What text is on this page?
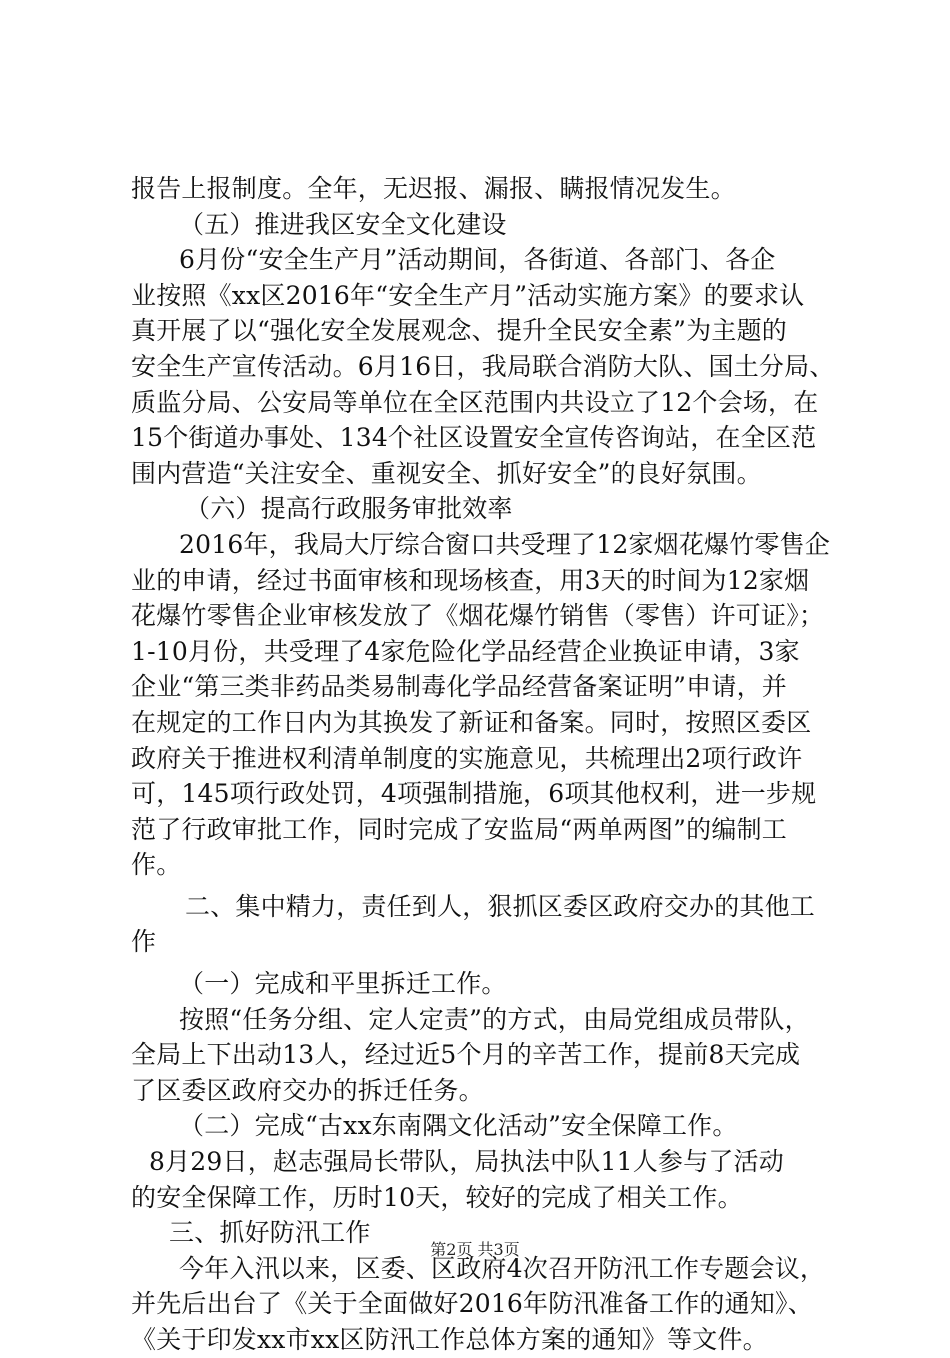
报告上报制度。全年，无迟报、漏报、瞒报情况发生。
（五）推进我区安全文化建设
6月份“安全生产月”活动期间，各街道、各部门、各企
业按照《xx区2016年“安全生产月”活动实施方案》的要求认
真开展了以“强化安全发展观念、提升全民安全素”为主题的
安全生产宣传活动。6月16日，我局联合消防大队、国土分局、
质监分局、公安局等单位在全区范围内共设立了12个会场，在
15个街道办事处、134个社区设置安全宣传咨询站，在全区范
围内营造“关注安全、重视安全、抓好安全”的良好氛围。
（六）提高行政服务审批效率
2016年，我局大厅综合窗口共受理了12家烟花爆竹零售企
业的申请，经过书面审核和现场核查，用3天的时间为12家烟
花爆竹零售企业审核发放了《烟花爆竹销售（零售）许可证》；
1-10月份，共受理了4家危险化学品经营企业换证申请，3家
企业“第三类非药品类易制毒化学品经营备案证明”申请，并
在规定的工作日内为其换发了新证和备案。同时，按照区委区
政府关于推进权利清单制度的实施意见，共梳理出2项行政许
可，145项行政处罚，4项强制措施，6项其他权利，进一步规
范了行政审批工作，同时完成了安监局“两单两图”的编制工
作。
二、集中精力，责任到人，狠抓区委区政府交办的其他工
作
（一）完成和平里拆迁工作。
按照“任务分组、定人定责”的方式，由局党组成员带队，
全局上下出动13人，经过近5个月的辛苦工作，提前8天完成
了区委区政府交办的拆迁任务。
（二）完成“古xx东南隅文化活动”安全保障工作。
8月29日，赵志强局长带队，局执法中队11人参与了活动
的安全保障工作，历时10天，较好的完成了相关工作。
三、抓好防汛工作
今年入汛以来，区委、区政府4次召开防汛工作专题会议，
并先后出台了《关于全面做好2016年防汛准备工作的通知》、
《关于印发xx市xx区防汛工作总体方案的通知》等文件。
第2页 共3页
